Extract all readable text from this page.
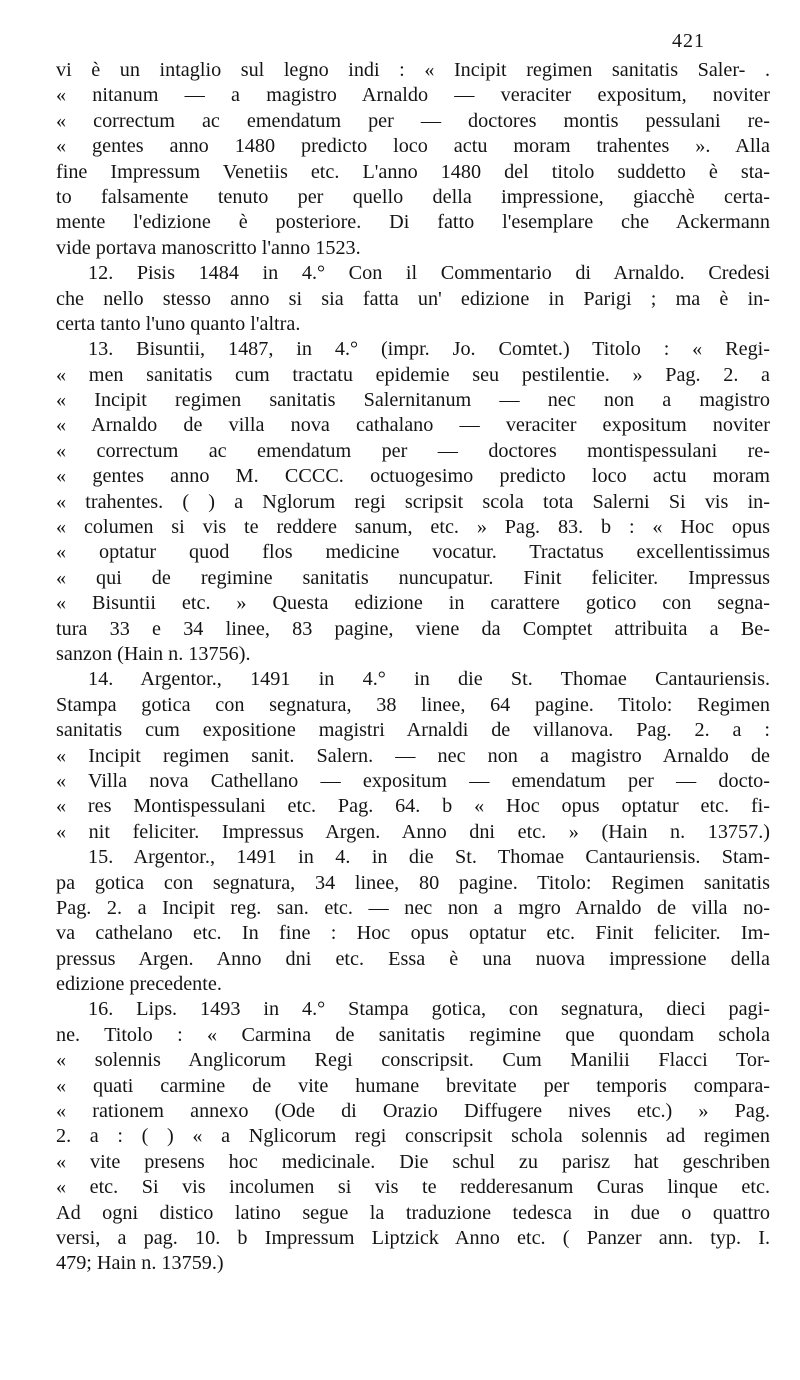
421
vi è un intaglio sul legno indi : « Incipit regimen sanitatis Saler- .
« nitanum — a magistro Arnaldo — veraciter expositum, noviter
« correctum ac emendatum per — doctores montis pessulani re-
« gentes anno 1480 predicto loco actu moram trahentes ». Alla
fine Impressum Venetiis etc. L'anno 1480 del titolo suddetto è sta-
to falsamente tenuto per quello della impressione, giacchè certa-
mente l'edizione è posteriore. Di fatto l'esemplare che Ackermann
vide portava manoscritto l'anno 1523.
12. Pisis 1484 in 4.° Con il Commentario di Arnaldo. Credesi
che nello stesso anno si sia fatta un' edizione in Parigi ; ma è in-
certa tanto l'uno quanto l'altra.
13. Bisuntii, 1487, in 4.° (impr. Jo. Comtet.) Titolo : « Regi-
« men sanitatis cum tractatu epidemie seu pestilentie. » Pag. 2. a
« Incipit regimen sanitatis Salernitanum — nec non a magistro
« Arnaldo de villa nova cathalano — veraciter expositum noviter
« correctum ac emendatum per — doctores montispessulani re-
« gentes anno M. CCCC. octuogesimo predicto loco actu moram
« trahentes. ( ) a Nglorum regi scripsit scola tota Salerni Si vis in-
« columen si vis te reddere sanum, etc. » Pag. 83. b : « Hoc opus
« optatur quod flos medicine vocatur. Tractatus excellentissimus
« qui de regimine sanitatis nuncupatur. Finit feliciter. Impressus
« Bisuntii etc. » Questa edizione in carattere gotico con segna-
tura 33 e 34 linee, 83 pagine, viene da Comptet attribuita a Be-
sanzon (Hain n. 13756).
14. Argentor., 1491 in 4.° in die St. Thomae Cantauriensis.
Stampa gotica con segnatura, 38 linee, 64 pagine. Titolo: Regimen
sanitatis cum expositione magistri Arnaldi de villanova. Pag. 2. a :
« Incipit regimen sanit. Salern. — nec non a magistro Arnaldo de
« Villa nova Cathellano — expositum — emendatum per — docto-
« res Montispessulani etc. Pag. 64. b « Hoc opus optatur etc. fi-
« nit feliciter. Impressus Argen. Anno dni etc. » (Hain n. 13757.)
15. Argentor., 1491 in 4. in die St. Thomae Cantauriensis. Stam-
pa gotica con segnatura, 34 linee, 80 pagine. Titolo: Regimen sanitatis
Pag. 2. a Incipit reg. san. etc. — nec non a mgro Arnaldo de villa no-
va cathelano etc. In fine : Hoc opus optatur etc. Finit feliciter. Im-
pressus Argen. Anno dni etc. Essa è una nuova impressione della
edizione precedente.
16. Lips. 1493 in 4.° Stampa gotica, con segnatura, dieci pagi-
ne. Titolo : « Carmina de sanitatis regimine que quondam schola
« solennis Anglicorum Regi conscripsit. Cum Manilii Flacci Tor-
« quati carmine de vite humane brevitate per temporis compara-
« rationem annexo (Ode di Orazio Diffugere nives etc.) » Pag.
2. a : ( ) « a Nglicorum regi conscripsit schola solennis ad regimen
« vite presens hoc medicinale. Die schul zu parisz hat geschriben
« etc. Si vis incolumen si vis te redderesanum Curas linque etc.
Ad ogni distico latino segue la traduzione tedesca in due o quattro
versi, a pag. 10. b Impressum Liptzick Anno etc. ( Panzer ann. typ. I.
479; Hain n. 13759.)
